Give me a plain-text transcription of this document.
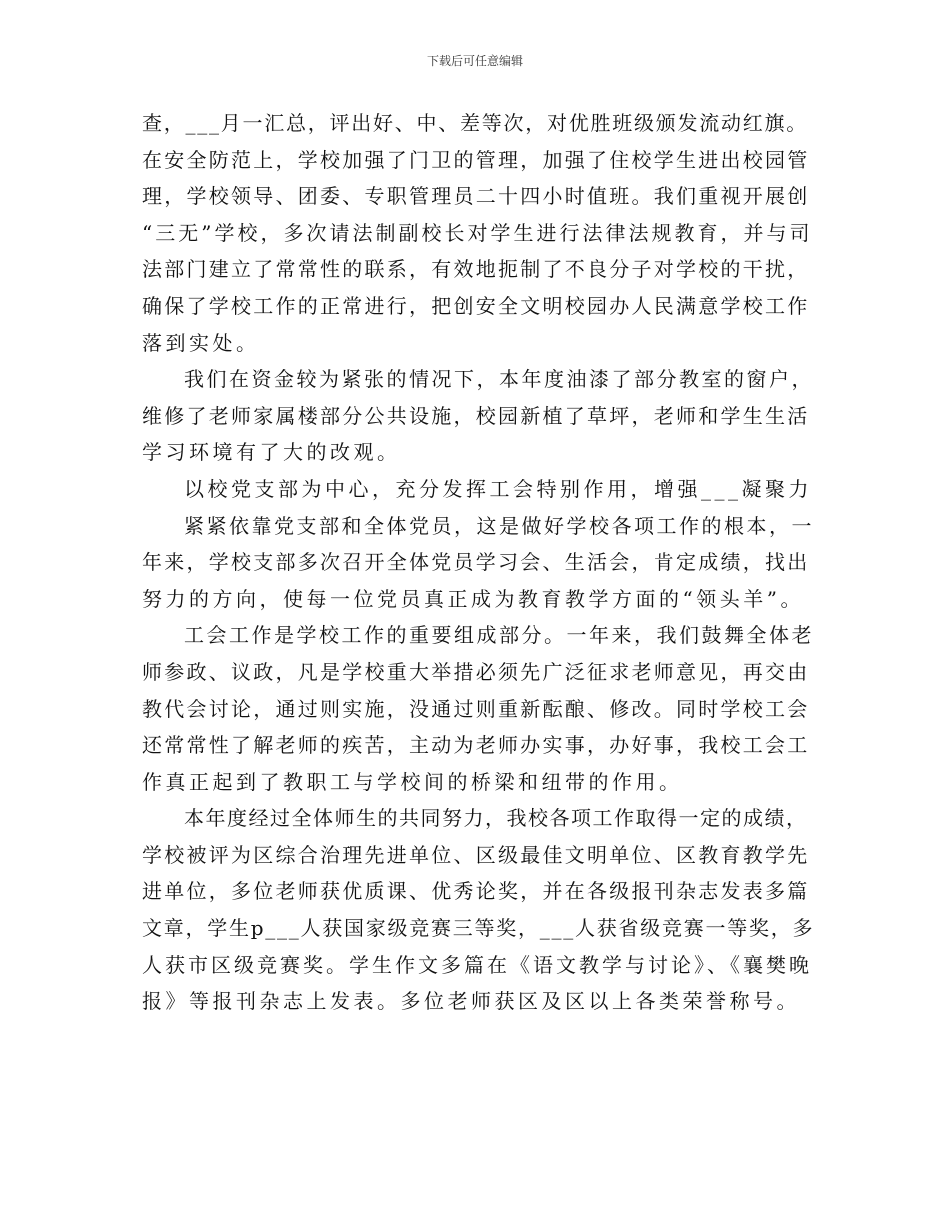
下载后可任意编辑
查，___月一汇总，评出好、中、差等次，对优胜班级颁发流动红旗。
在安全防范上，学校加强了门卫的管理，加强了住校学生进出校园管
理，学校领导、团委、专职管理员二十四小时值班。我们重视开展创
“三无”学校，多次请法制副校长对学生进行法律法规教育，并与司
法部门建立了常常性的联系，有效地扼制了不良分子对学校的干扰，
确保了学校工作的正常进行，把创安全文明校园办人民满意学校工作
落到实处。
我们在资金较为紧张的情况下，本年度油漆了部分教室的窗户，
维修了老师家属楼部分公共设施，校园新植了草坪，老师和学生生活
学习环境有了大的改观。
以校党支部为中心，充分发挥工会特别作用，增强___凝聚力
紧紧依靠党支部和全体党员，这是做好学校各项工作的根本，一
年来，学校支部多次召开全体党员学习会、生活会，肯定成绩，找出
努力的方向，使每一位党员真正成为教育教学方面的“领头羊”。
工会工作是学校工作的重要组成部分。一年来，我们鼓舞全体老
师参政、议政，凡是学校重大举措必须先广泛征求老师意见，再交由
教代会讨论，通过则实施，没通过则重新酝酿、修改。同时学校工会
还常常性了解老师的疾苦，主动为老师办实事，办好事，我校工会工
作真正起到了教职工与学校间的桥梁和纽带的作用。
本年度经过全体师生的共同努力，我校各项工作取得一定的成绩，
学校被评为区综合治理先进单位、区级最佳文明单位、区教育教学先
进单位，多位老师获优质课、优秀论奖，并在各级报刊杂志发表多篇
文章，学生p___人获国家级竞赛三等奖，___人获省级竞赛一等奖，多
人获市区级竞赛奖。学生作文多篇在《语文教学与讨论》、《襄樊晚
报》等报刊杂志上发表。多位老师获区及区以上各类荣誉称号。
